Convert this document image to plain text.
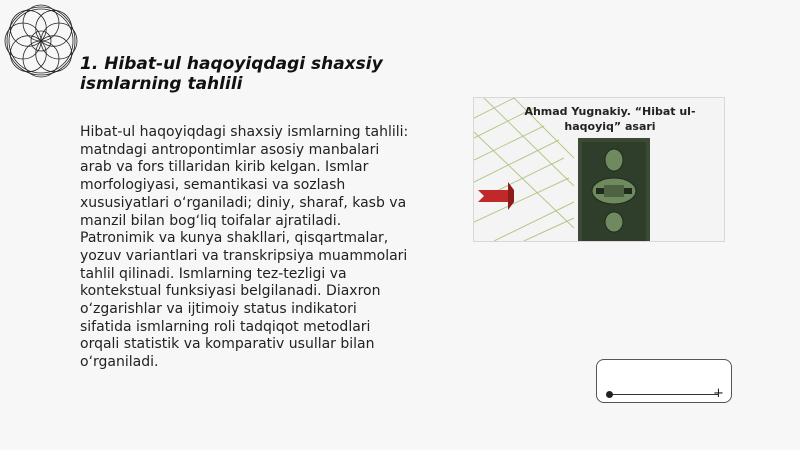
1. Hibat-ul haqoyiqdagi shaxsiy ismlarning tahlili
Hibat-ul haqoyiqdagi shaxsiy ismlarning tahlili: matndagi antropontimlar asosiy manbalari arab va fors tillaridan kirib kelgan. Ismlar morfologiyasi, semantikasi va sozlash xususiyatlari o‘rganiladi; diniy, sharaf, kasb va manzil bilan bog‘liq toifalar ajratiladi. Patronimik va kunya shakllari, qisqartmalar, yozuv variantlari va transkripsiya muammolari tahlil qilinadi. Ismlarning tez-tezligi va kontekstual funksiyasi belgilanadi. Diaxron o‘zgarishlar va ijtimoiy status indikatori sifatida ismlarning roli tadqiqot metodlari orqali statistik va komparativ usullar bilan o‘rganiladi.
Ahmad Yugnakiy. “Hibat ul-haqoyiq” asari
+
